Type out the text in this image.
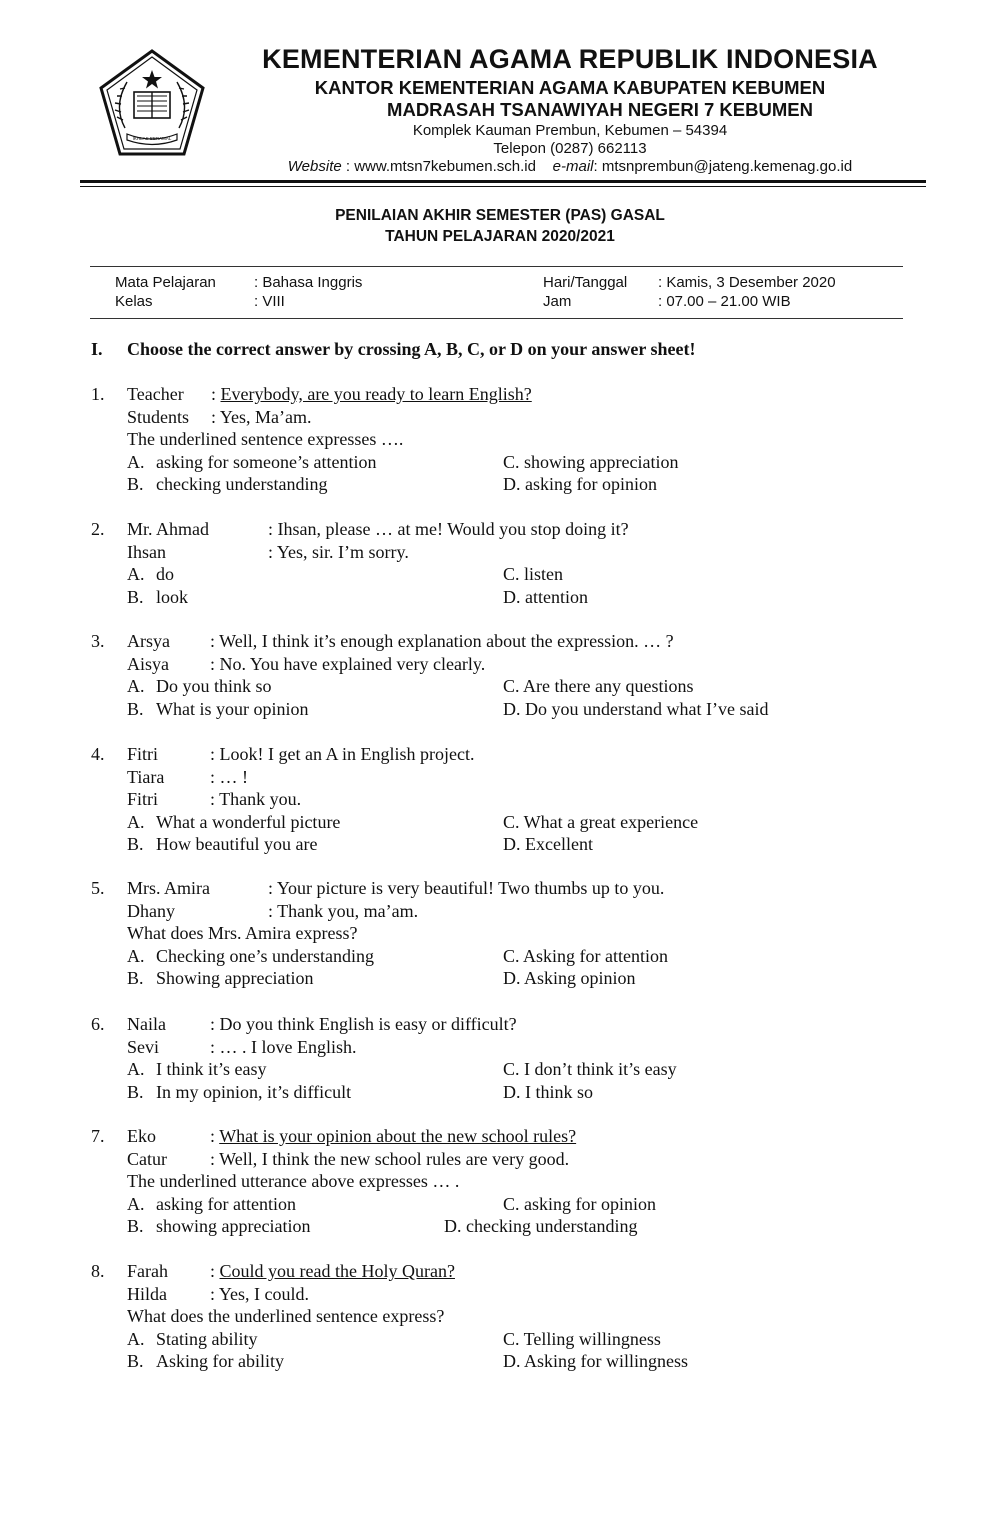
IKHLAS BERAMAL
KEMENTERIAN AGAMA REPUBLIK INDONESIA
KANTOR KEMENTERIAN AGAMA KABUPATEN KEBUMEN
MADRASAH TSANAWIYAH NEGERI 7 KEBUMEN
Komplek Kauman Prembun, Kebumen – 54394
Telepon (0287) 662113
Website : www.mtsn7kebumen.sch.id e-mail: mtsnprembun@jateng.kemenag.go.id
PENILAIAN AKHIR SEMESTER (PAS) GASAL
TAHUN PELAJARAN 2020/2021
Mata Pelajaran	: Bahasa Inggris
Kelas	: VIII
Hari/Tanggal : Kamis, 3 Desember 2020
Jam	: 07.00 – 21.00 WIB
I. Choose the correct answer by crossing A, B, C, or D on your answer sheet!
1. Teacher : Everybody, are you ready to learn English?
Students : Yes, Ma’am.
The underlined sentence expresses ….
A. asking for someone’s attention	C. showing appreciation
B. checking understanding	D. asking for opinion
2. Mr. Ahmad	: Ihsan, please … at me! Would you stop doing it?
Ihsan	: Yes, sir. I’m sorry.
A. do	C. listen
B. look	D. attention
3. Arsya : Well, I think it’s enough explanation about the expression. … ?
Aisya : No. You have explained very clearly.
A. Do you think so	C. Are there any questions
B. What is your opinion	D. Do you understand what I’ve said
4. Fitri	: Look! I get an A in English project.
Tiara	: … !
Fitri	: Thank you.
A. What a wonderful picture	C. What a great experience
B. How beautiful you are	D. Excellent
5. Mrs. Amira	: Your picture is very beautiful! Two thumbs up to you.
Dhany	: Thank you, ma’am.
What does Mrs. Amira express?
A. Checking one’s understanding	C. Asking for attention
B. Showing appreciation	D. Asking opinion
6. Naila : Do you think English is easy or difficult?
Sevi	: … . I love English.
A. I think it’s easy	C. I don’t think it’s easy
B. In my opinion, it’s difficult	D. I think so
7. Eko	: What is your opinion about the new school rules?
Catur : Well, I think the new school rules are very good.
The underlined utterance above expresses … .
A. asking for attention	C. asking for opinion
B. showing appreciation	D. checking understanding
8. Farah : Could you read the Holy Quran?
Hilda : Yes, I could.
What does the underlined sentence express?
A. Stating ability	C. Telling willingness
B. Asking for ability	D. Asking for willingness
